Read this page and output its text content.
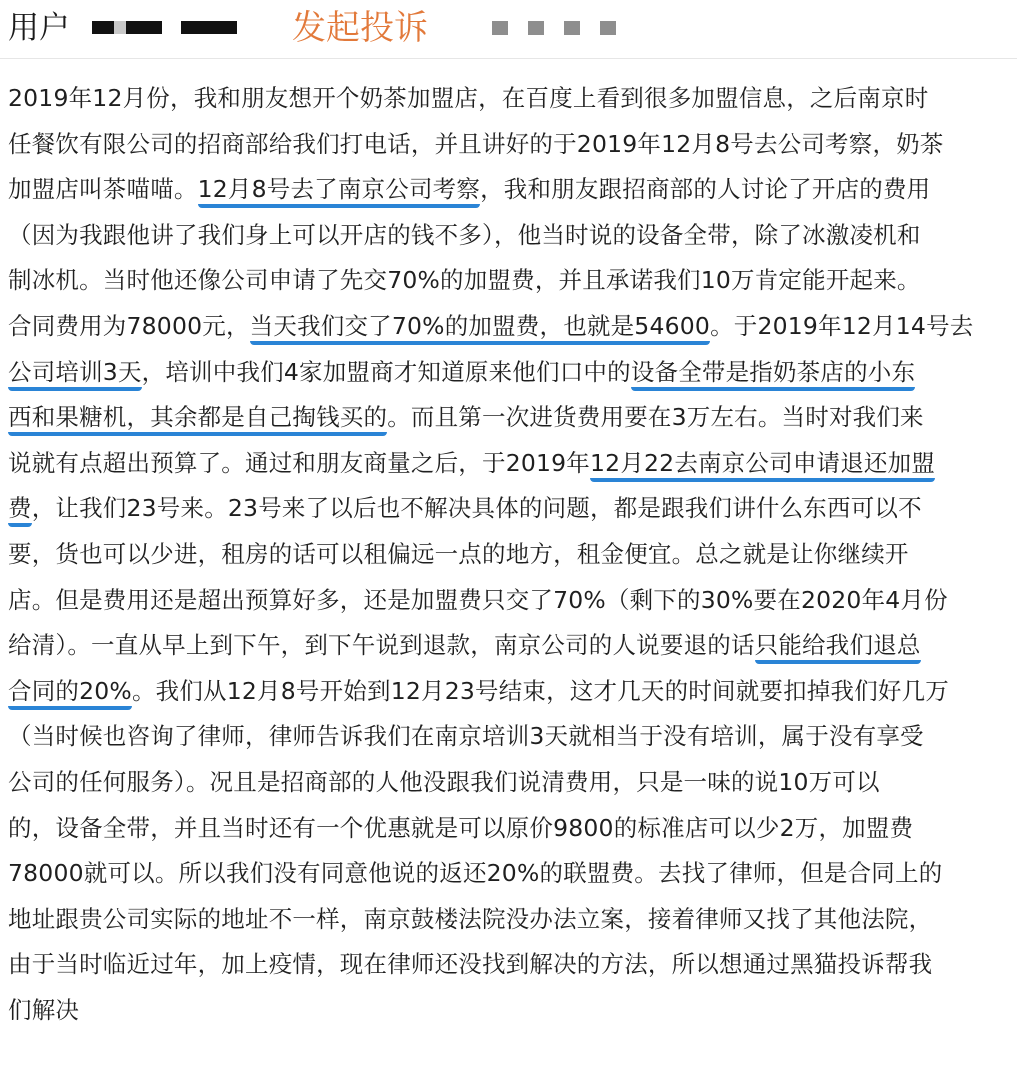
用户	发起投诉
2019年12月份，我和朋友想开个奶茶加盟店，在百度上看到很多加盟信息，之后南京时
任餐饮有限公司的招商部给我们打电话，并且讲好的于2019年12月8号去公司考察，奶茶
加盟店叫茶喵喵。12月8号去了南京公司考察，我和朋友跟招商部的人讨论了开店的费用
（因为我跟他讲了我们身上可以开店的钱不多），他当时说的设备全带，除了冰激凌机和
制冰机。当时他还像公司申请了先交70%的加盟费，并且承诺我们10万肯定能开起来。
合同费用为78000元，当天我们交了70%的加盟费，也就是54600。于2019年12月14号去
公司培训3天，培训中我们4家加盟商才知道原来他们口中的设备全带是指奶茶店的小东
西和果糖机，其余都是自己掏钱买的。而且第一次进货费用要在3万左右。当时对我们来
说就有点超出预算了。通过和朋友商量之后，于2019年12月22去南京公司申请退还加盟
费，让我们23号来。23号来了以后也不解决具体的问题，都是跟我们讲什么东西可以不
要，货也可以少进，租房的话可以租偏远一点的地方，租金便宜。总之就是让你继续开
店。但是费用还是超出预算好多，还是加盟费只交了70%（剩下的30%要在2020年4月份
给清）。一直从早上到下午，到下午说到退款，南京公司的人说要退的话只能给我们退总
合同的20%。我们从12月8号开始到12月23号结束，这才几天的时间就要扣掉我们好几万
（当时候也咨询了律师，律师告诉我们在南京培训3天就相当于没有培训，属于没有享受
公司的任何服务）。况且是招商部的人他没跟我们说清费用，只是一味的说10万可以
的，设备全带，并且当时还有一个优惠就是可以原价9800的标准店可以少2万，加盟费
78000就可以。所以我们没有同意他说的返还20%的联盟费。去找了律师，但是合同上的
地址跟贵公司实际的地址不一样，南京鼓楼法院没办法立案，接着律师又找了其他法院，
由于当时临近过年，加上疫情，现在律师还没找到解决的方法，所以想通过黑猫投诉帮我
们解决
